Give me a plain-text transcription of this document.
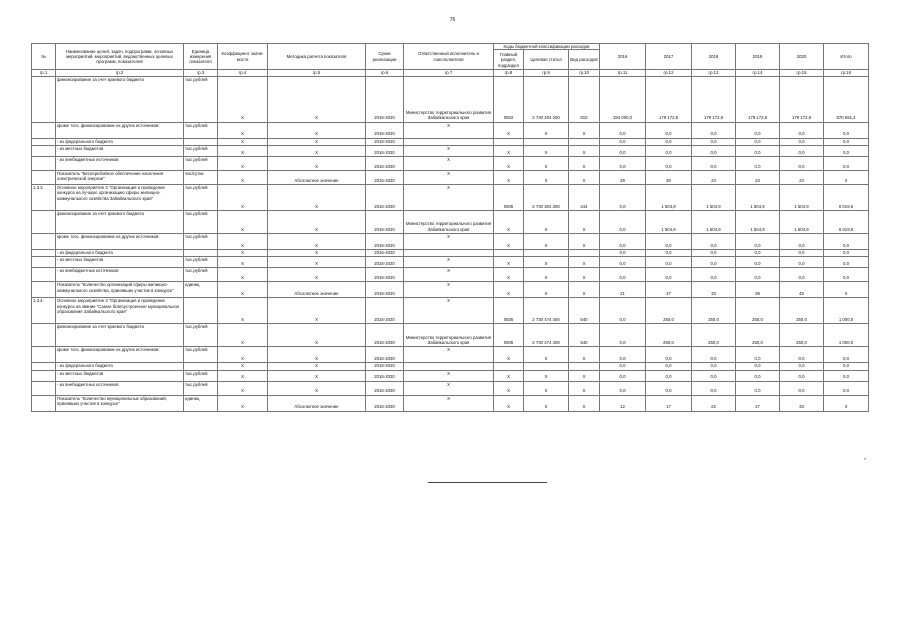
76
№	Наименование целей, задач, подпрограмм, основных мероприятий, мероприятий, ведомственных целевых программ, показателей	Единица измерения показателя	Коэффициент значи-мости	Методика расчета показателя	Сроки реализации	Ответственный исполнитель и соисполнители	Коды бюджетной классификации расходов			2016	2017	2018	2019	2020	Итого
							Главный раздел, подраздел	Целевая статья	Вид расходов						
гр.1	гр.2	гр.3	гр.4	гр.5	гр.6	гр.7	гр.8	гр.9	гр.10	гр.11	гр.12	гр.13	гр.14	гр.15	гр.16
	финансирование за счет краевого бюджета	тыс.рублей	X	X	2016-2020	Министерство территориального развития Забайкальского края	0502	2 730 204 200	810	154 000,0	179 172,8	179 172,8	179 172,8	179 172,8	870 691,2
	кроме того, финансирование из других источников:	тыс.рублей	X	X	2016-2020	X	X	X	X	0,0	0,0	0,0	0,0	0,0	0,0
	- из федерального бюджета		X	X	2016-2020					0,0	0,0	0,0	0,0	0,0	0,0
	- из местных бюджетов	тыс.рублей	X	X	2016-2020	X	X	X	X	0,0	0,0	0,0	0,0	0,0	0,0
	- из внебюджетных источников	тыс.рублей	X	X	2016-2020	X	X	X	X	0,0	0,0	0,0	0,0	0,0	0,0
	Показатель "Бесперебойное обеспечение населения электрической энергии"	час/сутки	X	Абсолютное значение	2016-2020	X	X	X	X	28	20	23	23	23	X
1.3.3.	Основное мероприятие 3 "Организация и проведение конкурса на лучшую организацию сферы жилищно-коммунального хозяйства Забайкальского края"	тыс.рублей	X	X	2016-2020	X	0505	2 730 304 300	244	0,0	1 504,9	1 504,9	1 504,9	1 504,9	6 019,6
	финансирование за счет краевого бюджета	тыс.рублей	X	X	2016-2020	Министерство территориального развития Забайкальского края	X	X	X	0,0	1 504,9	1 504,9	1 504,9	1 504,9	6 019,6
	кроме того, финансирование из других источников:	тыс.рублей	X	X	2016-2020	X	X	X	X	0,0	0,0	0,0	0,0	0,0	0,0
	- из федерального бюджета		X	X	2016-2020					0,0	0,0	0,0	0,0	0,0	0,0
	- из местных бюджетов	тыс.рублей	X	X	2016-2020	X	X	X	X	0,0	0,0	0,0	0,0	0,0	0,0
	- из внебюджетных источников	тыс.рублей	X	X	2016-2020	X	X	X	X	0,0	0,0	0,0	0,0	0,0	0,0
	Показатель "Количество организаций сферы жилищно-коммунального хозяйства, принявших участие в конкурсе"	единиц	X	Абсолютное значение	2016-2020	X	X	X	X	21	27	33	39	45	X
1.3.4.	Основное мероприятие 4 "Организация и проведение конкурса на звание "Самое благоустроенное муниципальное образование Забайкальского края"		X	X	2016-2020	X	0505	2 730 474 400	540	0,0	250,0	250,0	250,0	250,0	1 000,0
	финансирование за счет краевого бюджета	тыс.рублей	X	X	2016-2020	Министерство территориального развития Забайкальского края	0505	2 730 474 400	540	0,0	250,0	250,0	250,0	250,0	1 000,0
	кроме того, финансирование из других источников:	тыс.рублей	X	X	2016-2020	X	X	X	X	0,0	0,0	0,0	0,0	0,0	0,0
	- из федерального бюджета		X	X	2016-2020					0,0	0,0	0,0	0,0	0,0	0,0
	- из местных бюджетов	тыс.рублей	X	X	2016-2020	X	X	X	X	0,0	0,0	0,0	0,0	0,0	0,0
	- из внебюджетных источников	тыс.рублей	X	X	2016-2020	X	X	X	X	0,0	0,0	0,0	0,0	0,0	0,0
	Показатель "Количество муниципальных образований, принявших участие в конкурсе"	единиц	X	Абсолютное значение	2016-2020	X	X	X	X	12	17	22	27	33	X
»
